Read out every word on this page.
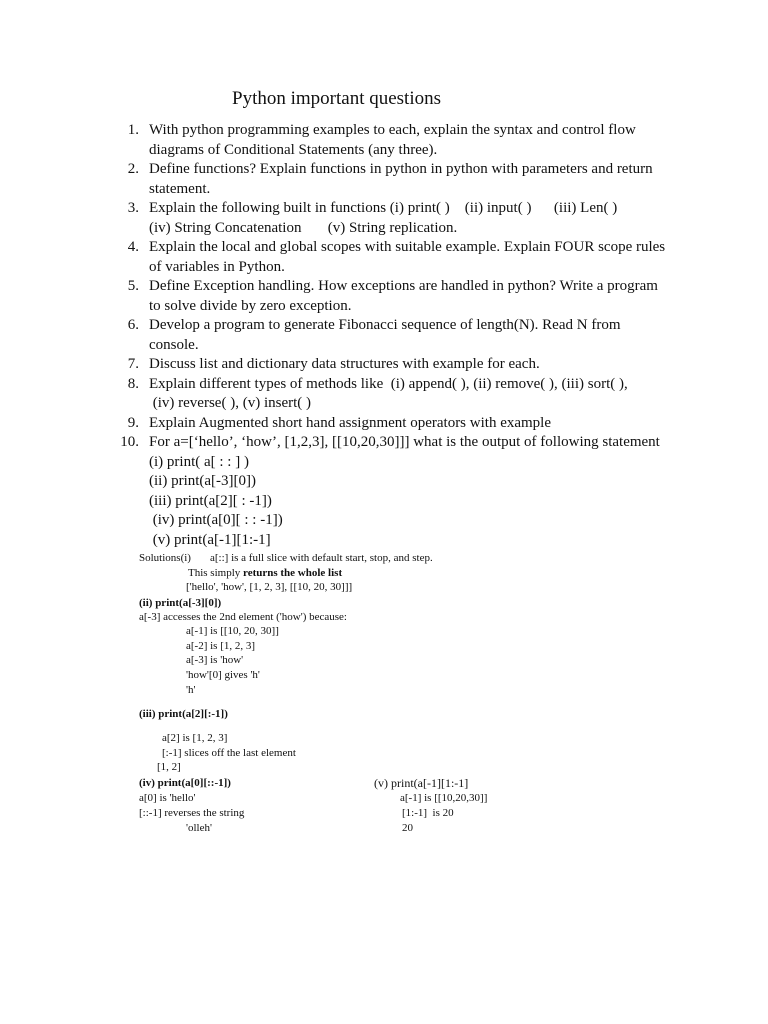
Python important questions
1. With python programming examples to each, explain the syntax and control flow
diagrams of Conditional Statements (any three).
2. Define functions? Explain functions in python in python with parameters and return
statement.
3. Explain the following built in functions (i) print( )    (ii) input( )      (iii) Len( )
(iv) String Concatenation       (v) String replication.
4. Explain the local and global scopes with suitable example. Explain FOUR scope rules
of variables in Python.
5. Define Exception handling. How exceptions are handled in python? Write a program
to solve divide by zero exception.
6. Develop a program to generate Fibonacci sequence of length(N). Read N from
console.
7. Discuss list and dictionary data structures with example for each.
8. Explain different types of methods like  (i) append( ), (ii) remove( ), (iii) sort( ),
(iv) reverse( ), (v) insert( )
9. Explain Augmented short hand assignment operators with example
10. For a=[‘hello’, ‘how’, [1,2,3], [[10,20,30]]] what is the output of following statement
(i) print( a[ : : ] )
(ii) print(a[-3][0])
(iii) print(a[2][ : -1])
(iv) print(a[0][ : : -1])
(v) print(a[-1][1:-1]
Solutions(i) a[::] is a full slice with default start, stop, and step.
This simply returns the whole list
['hello', 'how', [1, 2, 3], [[10, 20, 30]]]
(ii) print(a[-3][0])
a[-3] accesses the 2nd element ('how') because:
a[-1] is [[10, 20, 30]]
a[-2] is [1, 2, 3]
a[-3] is 'how'
'how'[0] gives 'h'
'h'
(iii) print(a[2][:-1])
a[2] is [1, 2, 3]
[:-1] slices off the last element
[1, 2]
(iv) print(a[0][::-1])
a[0] is 'hello'
[::-1] reverses the string
'olleh'
(v) print(a[-1][1:-1]
a[-1] is [[10,20,30]]
[1:-1]  is 20
20
